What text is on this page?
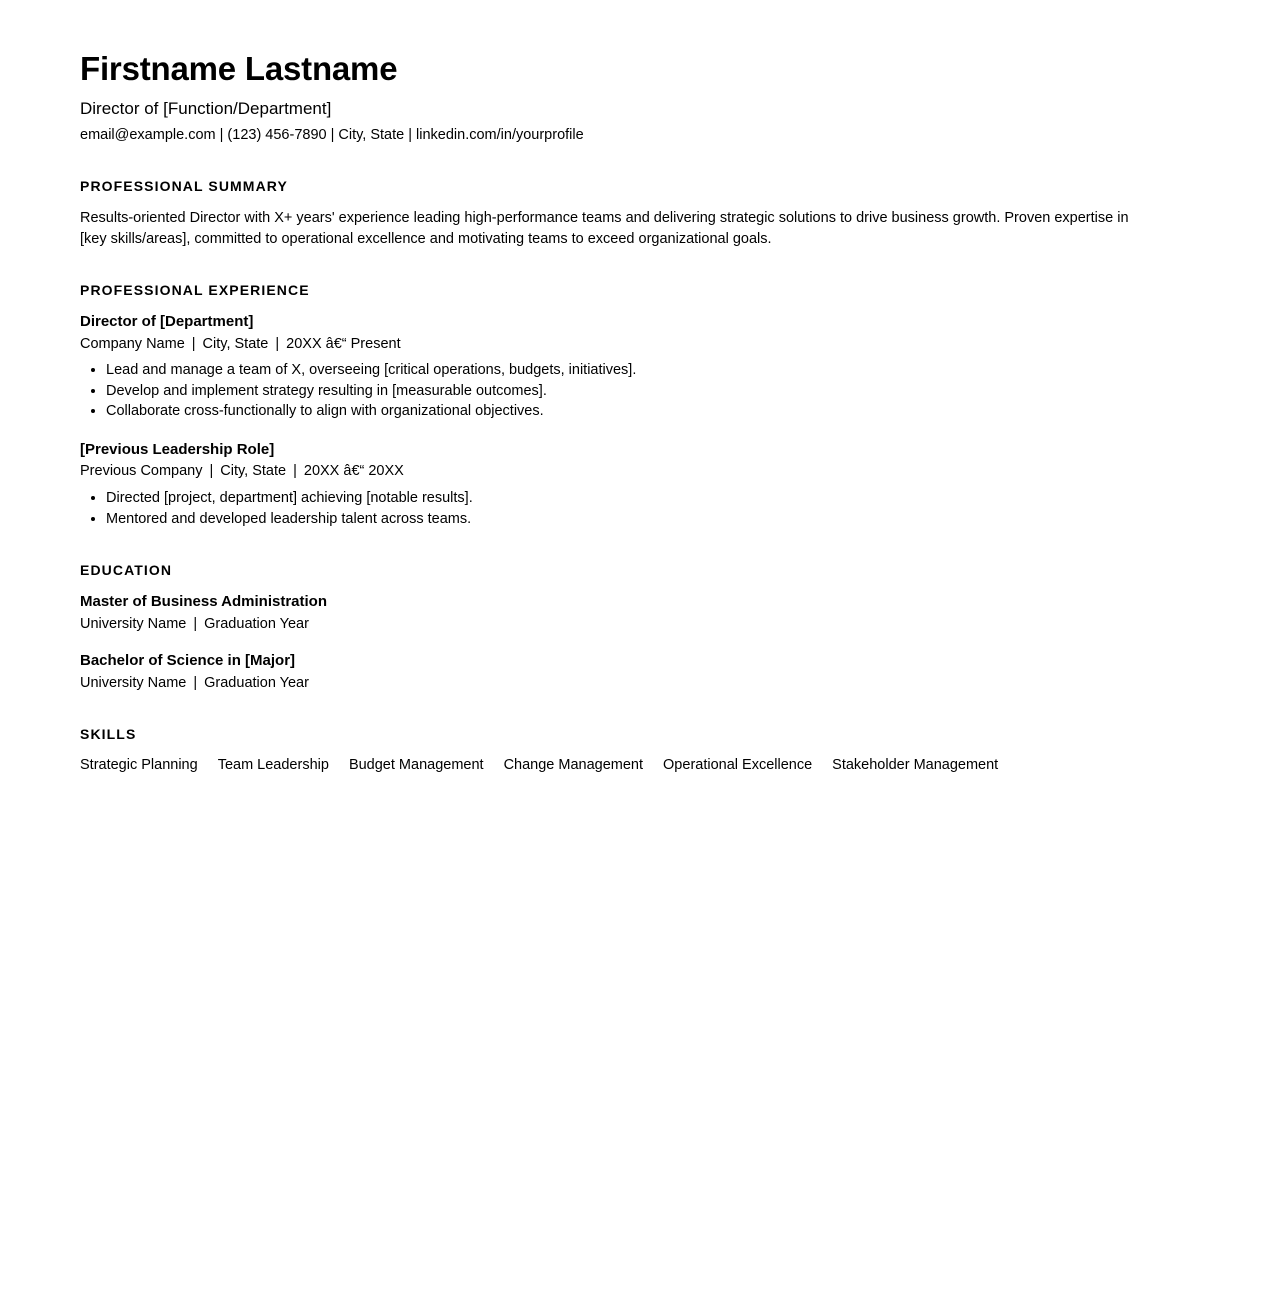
Firstname Lastname
Director of [Function/Department]
email@example.com | (123) 456-7890 | City, State | linkedin.com/in/yourprofile
PROFESSIONAL SUMMARY

Results-oriented Director with X+ years' experience leading high-performance teams and delivering strategic solutions to drive business growth. Proven expertise in [key skills/areas], committed to operational excellence and motivating teams to exceed organizational goals.

PROFESSIONAL EXPERIENCE
Director of [Department]
Company Name | City, State | 20XX â€“ Present
• Lead and manage a team of X, overseeing [critical operations, budgets, initiatives].
• Develop and implement strategy resulting in [measurable outcomes].
• Collaborate cross-functionally to align with organizational objectives.
[Previous Leadership Role]
Previous Company | City, State | 20XX â€“ 20XX
• Directed [project, department] achieving [notable results].
• Mentored and developed leadership talent across teams.
EDUCATION
Master of Business Administration
University Name | Graduation Year
Bachelor of Science in [Major]
University Name | Graduation Year
SKILLS
Strategic Planning Team Leadership Budget Management Change Management Operational Excellence Stakeholder Management
